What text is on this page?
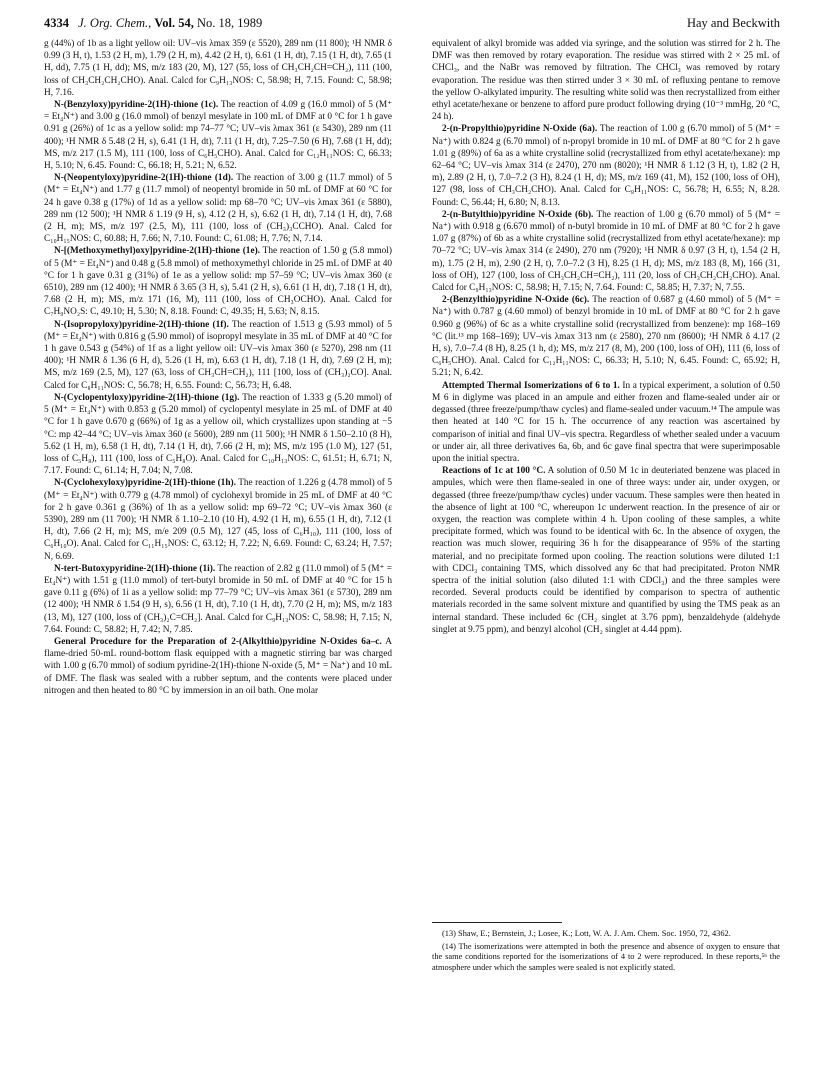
4334 J. Org. Chem., Vol. 54, No. 18, 1989	Hay and Beckwith

g (44%) of 1b as a light yellow oil: UV–vis λmax 359 (ε 5520), 289 nm (11 800); ¹H NMR δ 0.99 (3 H, t), 1.53 (2 H, m), 1.79 (2 H, m), 4.42 (2 H, t), 6.61 (1 H, dt), 7.15 (1 H, dt), 7.65 (1 H, dd), 7.75 (1 H, dd); MS, m/z 183 (20, M), 127 (55, loss of CH₃CH₂CH=CH₂), 111 (100, loss of CH₃CH₂CH₂CHO). Anal. Calcd for C₉H₁₃NOS: C, 58.98; H, 7.15. Found: C, 58.98; H, 7.16.

N-(Benzyloxy)pyridine-2(1H)-thione (1c). The reaction of 4.09 g (16.0 mmol) of 5 (M⁺ = Et₄N⁺) and 3.00 g (16.0 mmol) of benzyl mesylate in 100 mL of DMF at 0 °C for 1 h gave 0.91 g (26%) of 1c as a yellow solid: mp 74–77 °C; UV–vis λmax 361 (ε 5430), 289 nm (11 400); ¹H NMR δ 5.48 (2 H, s), 6.41 (1 H, dt), 7.11 (1 H, dt), 7.25–7.50 (6 H), 7.68 (1 H, dd); MS, m/z 217 (1.5 M), 111 (100, loss of C₆H₅CHO). Anal. Calcd for C₁₂H₁₁NOS: C, 66.33; H, 5.10; N, 6.45. Found: C, 66.18; H, 5.21; N, 6.52.

N-(Neopentyloxy)pyridine-2(1H)-thione (1d). The reaction of 3.00 g (11.7 mmol) of 5 (M⁺ = Et₄N⁺) and 1.77 g (11.7 mmol) of neopentyl bromide in 50 mL of DMF at 60 °C for 24 h gave 0.38 g (17%) of 1d as a yellow solid: mp 68–70 °C; UV–vis λmax 361 (ε 5880), 289 nm (12 500); ¹H NMR δ 1.19 (9 H, s), 4.12 (2 H, s), 6.62 (1 H, dt), 7.14 (1 H, dt), 7.68 (2 H, m); MS, m/z 197 (2.5, M), 111 (100, loss of (CH₃)₃CCHO). Anal. Calcd for C₁₀H₁₅NOS: C, 60.88; H, 7.66; N, 7.10. Found: C, 61.08; H, 7.76; N, 7.14.

N-[(Methoxymethyl)oxy]pyridine-2(1H)-thione (1e). The reaction of 1.50 g (5.8 mmol) of 5 (M⁺ = Et₄N⁺) and 0.48 g (5.8 mmol) of methoxymethyl chloride in 25 mL of DMF at 40 °C for 1 h gave 0.31 g (31%) of 1e as a yellow solid: mp 57–59 °C; UV–vis λmax 360 (ε 6510), 289 nm (12 400); ¹H NMR δ 3.65 (3 H, s), 5.41 (2 H, s), 6.61 (1 H, dt), 7.18 (1 H, dt), 7.68 (2 H, m); MS, m/z 171 (16, M), 111 (100, loss of CH₃OCHO). Anal. Calcd for C₇H₉NO₂S: C, 49.10; H, 5.30; N, 8.18. Found: C, 49.35; H, 5.63; N, 8.15.

N-(Isopropyloxy)pyridine-2(1H)-thione (1f). The reaction of 1.513 g (5.93 mmol) of 5 (M⁺ = Et₄N⁺) with 0.816 g (5.90 mmol) of isopropyl mesylate in 35 mL of DMF at 40 °C for 1 h gave 0.543 g (54%) of 1f as a light yellow oil: UV–vis λmax 360 (ε 5270), 298 nm (11 400); ¹H NMR δ 1.36 (6 H, d), 5.26 (1 H, m), 6.63 (1 H, dt), 7.18 (1 H, dt), 7.69 (2 H, m); MS, m/z 169 (2.5, M), 127 (63, loss of CH₃CH=CH₂), 111 [100, loss of (CH₃)₂CO]. Anal. Calcd for C₈H₁₁NOS: C, 56.78; H, 6.55. Found: C, 56.73; H, 6.48.

N-(Cyclopentyloxy)pyridine-2(1H)-thione (1g). The reaction of 1.333 g (5.20 mmol) of 5 (M⁺ = Et₄N⁺) with 0.853 g (5.20 mmol) of cyclopentyl mesylate in 25 mL of DMF at 40 °C for 1 h gave 0.670 g (66%) of 1g as a yellow oil, which crystallizes upon standing at −5 °C: mp 42–44 °C; UV–vis λmax 360 (ε 5600), 289 nm (11 500); ¹H NMR δ 1.50–2.10 (8 H), 5.62 (1 H, m), 6.58 (1 H, dt), 7.14 (1 H, dt), 7.66 (2 H, m); MS, m/z 195 (1.0 M), 127 (51, loss of C₅H₈), 111 (100, loss of C₅H₈O). Anal. Calcd for C₁₀H₁₃NOS: C, 61.51; H, 6.71; N, 7.17. Found: C, 61.14; H, 7.04; N, 7.08.

N-(Cyclohexyloxy)pyridine-2(1H)-thione (1h). The reaction of 1.226 g (4.78 mmol) of 5 (M⁺ = Et₄N⁺) with 0.779 g (4.78 mmol) of cyclohexyl bromide in 25 mL of DMF at 40 °C for 2 h gave 0.361 g (36%) of 1h as a yellow solid: mp 69–72 °C; UV–vis λmax 360 (ε 5390), 289 nm (11 700); ¹H NMR δ 1.10–2.10 (10 H), 4.92 (1 H, m), 6.55 (1 H, dt), 7.12 (1 H, dt), 7.66 (2 H, m); MS, m/e 209 (0.5 M), 127 (45, loss of C₆H₁₀), 111 (100, loss of C₆H₁₀O). Anal. Calcd for C₁₁H₁₅NOS: C, 63.12; H, 7.22; N, 6.69. Found: C, 63.24; H, 7.57; N, 6.69.

N-tert-Butoxypyridine-2(1H)-thione (1i). The reaction of 2.82 g (11.0 mmol) of 5 (M⁺ = Et₄N⁺) with 1.51 g (11.0 mmol) of tert-butyl bromide in 50 mL of DMF at 40 °C for 15 h gave 0.11 g (6%) of 1i as a yellow solid: mp 77–79 °C; UV–vis λmax 361 (ε 5730), 289 nm (12 400); ¹H NMR δ 1.54 (9 H, s), 6.56 (1 H, dt), 7.10 (1 H, dt), 7.70 (2 H, m); MS, m/z 183 (13, M), 127 (100, loss of (CH₃)₂C=CH₂]. Anal. Calcd for C₉H₁₃NOS: C, 58.98; H, 7.15; N, 7.64. Found: C, 58.82; H, 7.42; N, 7.85.

General Procedure for the Preparation of 2-(Alkylthio)pyridine N-Oxides 6a–c. A flame-dried 50-mL round-bottom flask equipped with a magnetic stirring bar was charged with 1.00 g (6.70 mmol) of sodium pyridine-2(1H)-thione N-oxide (5, M⁺ = Na⁺) and 10 mL of DMF. The flask was sealed with a rubber septum, and the contents were placed under nitrogen and then heated to 80 °C by immersion in an oil bath. One molar

equivalent of alkyl bromide was added via syringe, and the solution was stirred for 2 h. The DMF was then removed by rotary evaporation. The residue was stirred with 2 × 25 mL of CHCl₃, and the NaBr was removed by filtration. The CHCl₃ was removed by rotary evaporation. The residue was then stirred under 3 × 30 mL of refluxing pentane to remove the yellow O-alkylated impurity. The resulting white solid was then recrystallized from either ethyl acetate/hexane or benzene to afford pure product following drying (10⁻³ mmHg, 20 °C, 24 h).

2-(n-Propylthio)pyridine N-Oxide (6a). The reaction of 1.00 g (6.70 mmol) of 5 (M⁺ = Na⁺) with 0.824 g (6.70 mmol) of n-propyl bromide in 10 mL of DMF at 80 °C for 2 h gave 1.01 g (89%) of 6a as a white crystalline solid (recrystallized from ethyl acetate/hexane): mp 62–64 °C; UV–vis λmax 314 (ε 2470), 270 nm (8020); ¹H NMR δ 1.12 (3 H, t), 1.82 (2 H, m), 2.89 (2 H, t), 7.0–7.2 (3 H), 8.24 (1 H, d); MS, m/z 169 (41, M), 152 (100, loss of OH), 127 (98, loss of CH₃CH₂CHO). Anal. Calcd for C₈H₁₁NOS: C, 56.78; H, 6.55; N, 8.28. Found: C, 56.44; H, 6.80; N, 8.13.

2-(n-Butylthio)pyridine N-Oxide (6b). The reaction of 1.00 g (6.70 mmol) of 5 (M⁺ = Na⁺) with 0.918 g (6.670 mmol) of n-butyl bromide in 10 mL of DMF at 80 °C for 2 h gave 1.07 g (87%) of 6b as a white crystalline solid (recrystallized from ethyl acetate/hexane): mp 70–72 °C; UV–vis λmax 314 (ε 2490), 270 nm (7920); ¹H NMR δ 0.97 (3 H, t), 1.54 (2 H, m), 1.75 (2 H, m), 2.90 (2 H, t), 7.0–7.2 (3 H), 8.25 (1 H, d); MS, m/z 183 (8, M), 166 (31, loss of OH), 127 (100, loss of CH₃CH₂CH=CH₂), 111 (20, loss of CH₃CH₂CH₂CHO). Anal. Calcd for C₉H₁₃NOS: C, 58.98; H, 7.15; N, 7.64. Found: C, 58.85; H, 7.37; N, 7.55.

2-(Benzylthio)pyridine N-Oxide (6c). The reaction of 0.687 g (4.60 mmol) of 5 (M⁺ = Na⁺) with 0.787 g (4.60 mmol) of benzyl bromide in 10 mL of DMF at 80 °C for 2 h gave 0.960 g (96%) of 6c as a white crystalline solid (recrystallized from benzene): mp 168–169 °C (lit.¹³ mp 168–169); UV–vis λmax 313 nm (ε 2580), 270 nm (8600); ¹H NMR δ 4.17 (2 H, s), 7.0–7.4 (8 H), 8.25 (1 h, d); MS, m/z 217 (8, M), 200 (100, loss of OH), 111 (6, loss of C₆H₅CHO). Anal. Calcd for C₁₂H₁₁NOS: C, 66.33; H, 5.10; N, 6.45. Found: C, 65.92; H, 5.21; N, 6.42.

Attempted Thermal Isomerizations of 6 to 1. In a typical experiment, a solution of 0.50 M 6 in diglyme was placed in an ampule and either frozen and flame-sealed under air or degassed (three freeze/pump/thaw cycles) and flame-sealed under vacuum.¹⁴ The ampule was then heated at 140 °C for 15 h. The occurrence of any reaction was ascertained by comparison of initial and final UV–vis spectra. Regardless of whether sealed under a vacuum or under air, all three derivatives 6a, 6b, and 6c gave final spectra that were superimposable upon the initial spectra.

Reactions of 1c at 100 °C. A solution of 0.50 M 1c in deuteriated benzene was placed in ampules, which were then flame-sealed in one of three ways: under air, under oxygen, or degassed (three freeze/pump/thaw cycles) under vacuum. These samples were then heated in the absence of light at 100 °C, whereupon 1c underwent reaction. In the presence of air or oxygen, the reaction was complete within 4 h. Upon cooling of these samples, a white precipitate formed, which was found to be identical with 6c. In the absence of oxygen, the reaction was much slower, requiring 36 h for the disappearance of 95% of the starting material, and no precipitate formed upon cooling. The reaction solutions were diluted 1:1 with CDCl₃ containing TMS, which dissolved any 6c that had precipitated. Proton NMR spectra of the initial solution (also diluted 1:1 with CDCl₃) and the three samples were recorded. Several products could be identified by comparison to spectra of authentic materials recorded in the same solvent mixture and quantified by using the TMS peak as an internal standard. These included 6c (CH₂ singlet at 3.76 ppm), benzaldehyde (aldehyde singlet at 9.75 ppm), and benzyl alcohol (CH₂ singlet at 4.44 ppm).

(13) Shaw, E.; Bernstein, J.; Losee, K.; Lott, W. A. J. Am. Chem. Soc. 1950, 72, 4362.

(14) The isomerizations were attempted in both the presence and absence of oxygen to ensure that the same conditions reported for the isomerizations of 4 to 2 were reproduced. In these reports,⁵ᵇ the atmosphere under which the samples were sealed is not explicitly stated.
